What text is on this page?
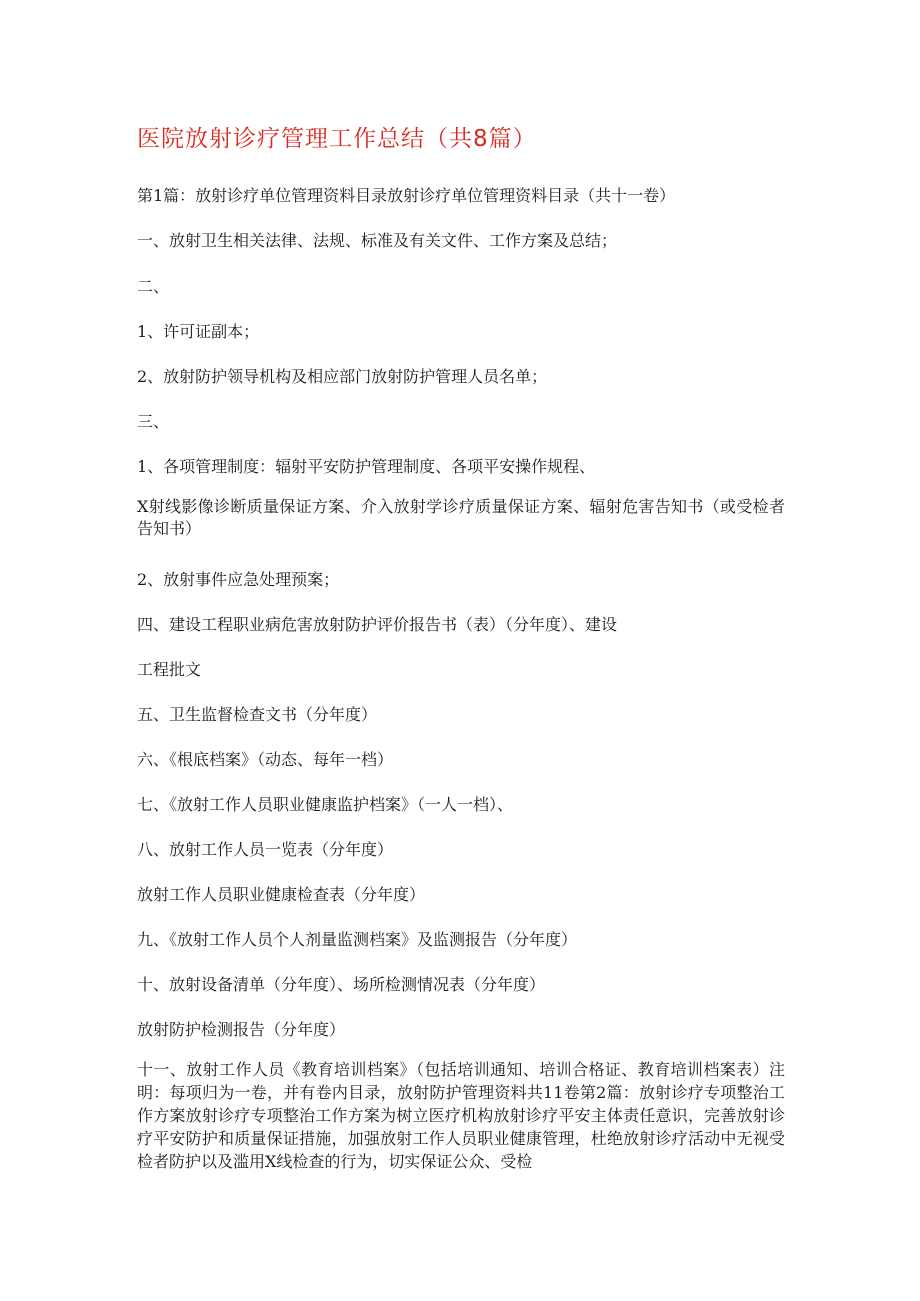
医院放射诊疗管理工作总结（共8篇）

第1篇：放射诊疗单位管理资料目录放射诊疗单位管理资料目录（共十一卷）

一、放射卫生相关法律、法规、标准及有关文件、工作方案及总结；

二、

1、许可证副本；

2、放射防护领导机构及相应部门放射防护管理人员名单；

三、

1、各项管理制度：辐射平安防护管理制度、各项平安操作规程、

X射线影像诊断质量保证方案、介入放射学诊疗质量保证方案、辐射危害告知书（或受检者告知书）

2、放射事件应急处理预案；

四、建设工程职业病危害放射防护评价报告书（表）（分年度）、建设

工程批文

五、卫生监督检查文书（分年度）

六、《根底档案》（动态、每年一档）

七、《放射工作人员职业健康监护档案》（一人一档）、

八、放射工作人员一览表（分年度）

放射工作人员职业健康检查表（分年度）

九、《放射工作人员个人剂量监测档案》及监测报告（分年度）

十、放射设备清单（分年度）、场所检测情况表（分年度）

放射防护检测报告（分年度）

十一、放射工作人员《教育培训档案》（包括培训通知、培训合格证、教育培训档案表）注明：每项归为一卷，并有卷内目录，放射防护管理资料共11卷第2篇：放射诊疗专项整治工作方案放射诊疗专项整治工作方案为树立医疗机构放射诊疗平安主体责任意识，完善放射诊疗平安防护和质量保证措施，加强放射工作人员职业健康管理，杜绝放射诊疗活动中无视受检者防护以及滥用X线检查的行为，切实保证公众、受检
